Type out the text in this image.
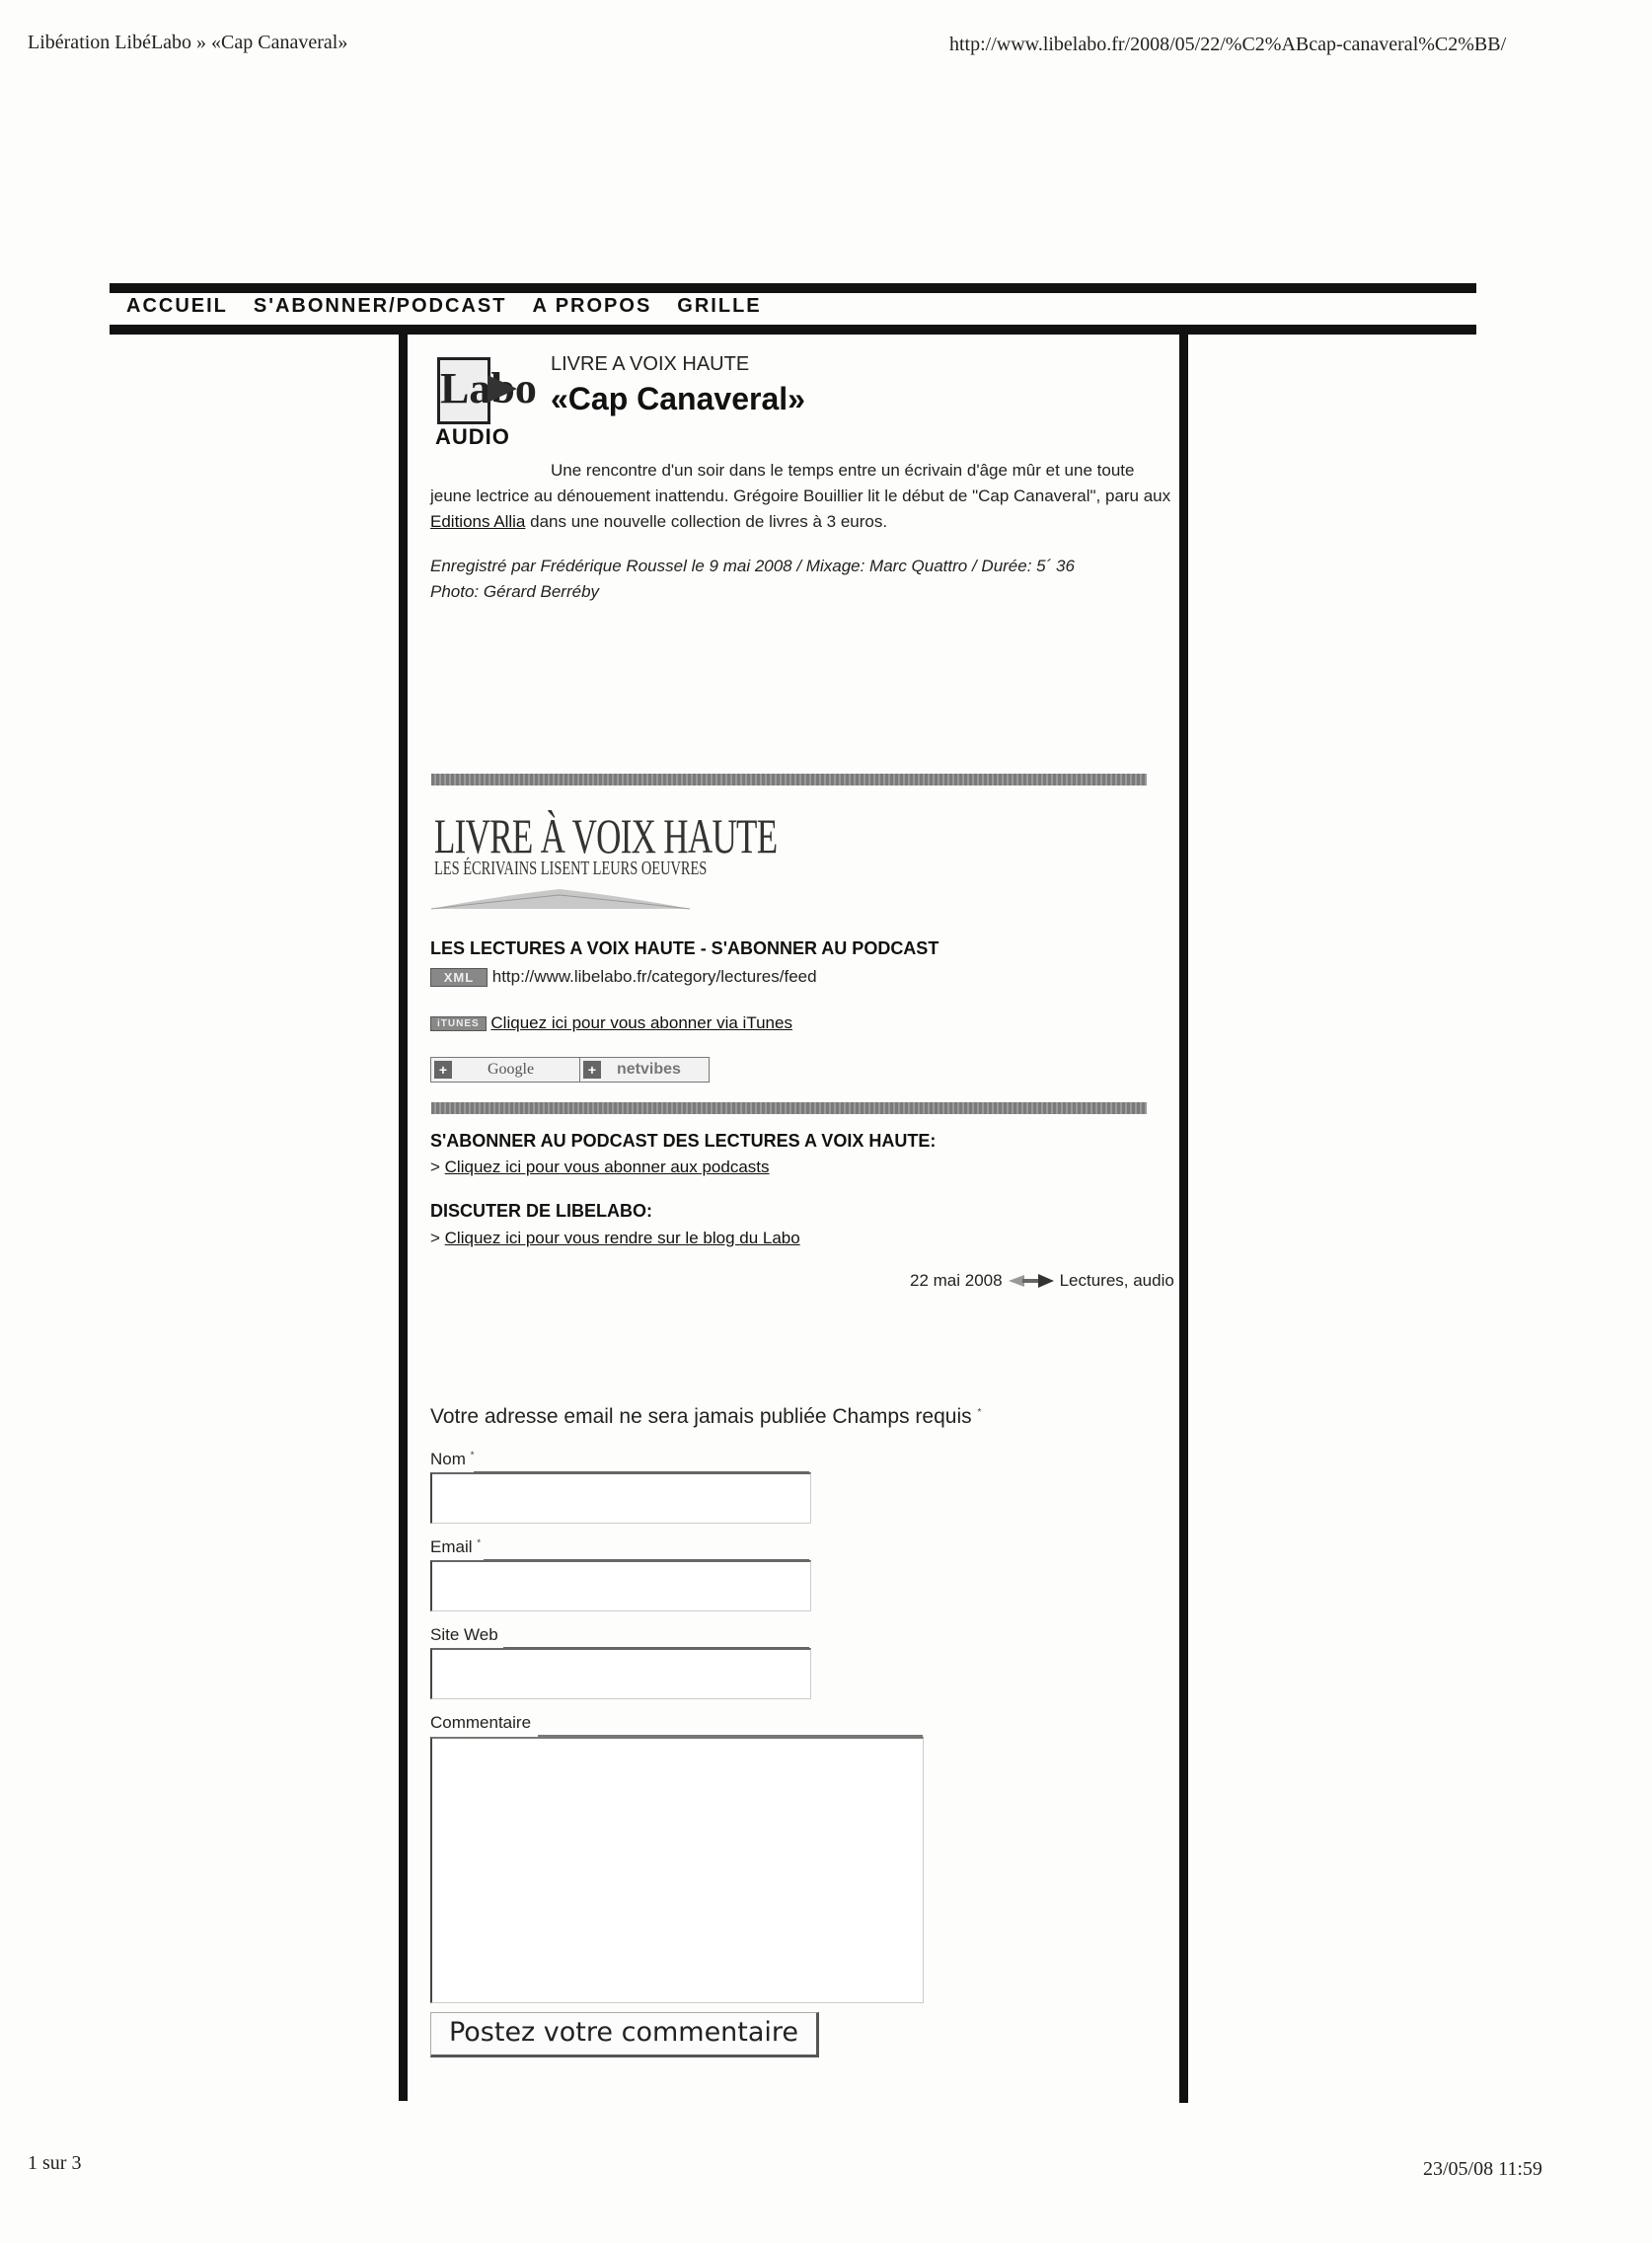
Libération LibéLabo » «Cap Canaveral»	http://www.libelabo.fr/2008/05/22/%C2%ABcap-canaveral%C2%BB/
ACCUEIL S'ABONNER/PODCAST A PROPOS GRILLE
Labo
AUDIO
LIVRE A VOIX HAUTE
«Cap Canaveral»
Une rencontre d'un soir dans le temps entre un écrivain d'âge mûr et une toute
jeune lectrice au dénouement inattendu. Grégoire Bouillier lit le début de "Cap Canaveral", paru aux
Editions Allia dans une nouvelle collection de livres à 3 euros.
Enregistré par Frédérique Roussel le 9 mai 2008 / Mixage: Marc Quattro / Durée: 5´ 36
Photo: Gérard Berréby
LIVRE À VOIX HAUTE
LES ÉCRIVAINS LISENT LEURS OEUVRES
LES LECTURES A VOIX HAUTE - S'ABONNER AU PODCAST
XML http://www.libelabo.fr/category/lectures/feed
iTUNES Cliquez ici pour vous abonner via iTunes
+	Google	+	netvibes
S'ABONNER AU PODCAST DES LECTURES A VOIX HAUTE:
> Cliquez ici pour vous abonner aux podcasts
DISCUTER DE LIBELABO:
> Cliquez ici pour vous rendre sur le blog du Labo
22 mai 2008	Lectures, audio
Votre adresse email ne sera jamais publiée Champs requis *
Nom *
Email *
Site Web
Commentaire
Postez votre commentaire
1 sur 3	23/05/08 11:59
